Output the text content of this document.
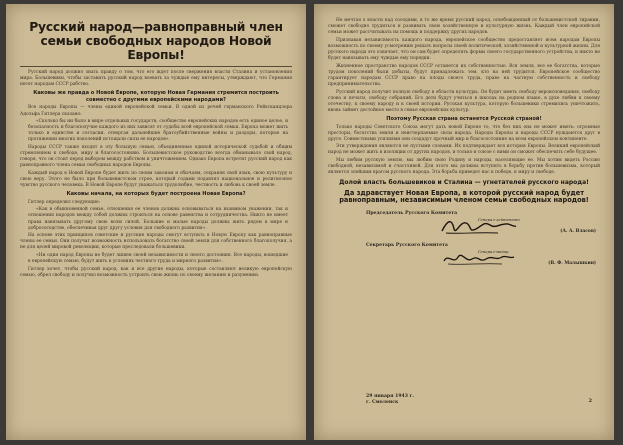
Русский народ—равноправный член семьи свободных народов Новой Европы!

Русский народ должно знать правду о том, что его ждет после свержения власти Сталина и установления мира. Большевики, чтобы заставить русский народ воевать за чуждые ему интересы, утверждают, что Германия несет народам СССР рабство.

Каковы же правда о Новой Европе, которую Новая Германия стремится построить совместно с другими европейскими народами?

Все народы Европы — члены единой европейской семьи. В одной из речей германского Рейхсканцлера Адольфа Гитлера сказано:

«Сколько бы ни было в мире отдельных государств, сообщество европейских народов есть единое целое, и безопасность и благополучие каждого из них зависят от судьбы всей европейской семьи. Европа может жить только в единстве и согласии, отвергая дальнейшие братоубийственные войны и раздоры, которые на протяжении многих поколений истощали силы ее народов».

Народы СССР также входят в эту большую семью, объединенные единой исторической судьбой и общим стремлением к свободе, миру и благосостоянию. Большевистское руководство всегда обманывало свой народ, говоря, что он стоит перед выбором между рабством и уничтожением. Однако Европа встретит русский народ как равноправного члена семьи свободных народов Европы.

Каждый народ в Новой Европе будет жить по своим законам и обычаям, сохраняя свой язык, свою культуру и свою веру. Этого не было при большевистском строе, который годами подавлял национальное и религиозное чувство русского человека. В Новой Европе будут уважаться трудолюбие, честность и любовь к своей земле.

Каковы начала, на которых будет построена Новая Европа?

Гитлер определил следующие:

«Как в обыкновенной семье, отношения ее членов должны основываться на взаимном уважении, так и отношения народов между собой должны строиться на основе равенства и сотрудничества. Никто не имеет права навязывать другому свою волю силой. Большие и малые народы должны жить рядом в мире и добрососедстве, обеспечивая друг другу условия для свободного развития».

На основе этих принципов советские и русские народы смогут вступить в Новую Европу как равноправные члены ее семьи. Они получат возможность использовать богатство своей земли для собственного благополучия, а не для целей мировой революции, которые преследовали большевики.

«Ни один народ Европы не будет лишен своей независимости и своего достояния. Все народы, вошедшие в европейскую семью, будут жить в условиях честного труда и мирного развития».

Гитлер хочет, чтобы русский народ, как и все другие народы, которые составляют великую европейскую семью, обрел свободу и получил возможность устроить свою жизнь по своему желанию и разумению.

Не мечтая о власти над соседями, в то же время русский народ, освобожденный от большевистской тирании, сможет свободно трудиться и развивать свою хозяйственную и культурную жизнь. Каждый член европейской семьи может рассчитывать на помощь и поддержку других народов.

Признавая независимость каждого народа, европейское сообщество предоставляет всем народам Европы возможность по своему усмотрению решать вопросы своей политической, хозяйственной и культурной жизни. Для русского народа это означает, что он сам будет определять формы своего государственного устройства, и никто не будет навязывать ему чуждые ему порядки.

Жизненное пространство народов СССР останется их собственностью. Вся земля, все ее богатства, которые трудом поколений были добыты, будут принадлежать тем, кто на ней трудится. Европейское сообщество гарантирует народам СССР право на плоды своего труда, право на частную собственность и свободу предпринимательства.

Русский народ получит полную свободу в области культуры. Он будет иметь свободу вероисповедания, свободу слова и печати, свободу собраний. Его дети будут учиться в школах на родном языке, в духе любви к своему отечеству, к своему народу и к своей истории. Русская культура, которую большевики стремились уничтожить, вновь займет достойное место в семье европейских культур.

Поэтому Русская страна останется Русской страной!

Только народы Советского Союза могут дать новой Европе то, что без них она не может иметь: огромные просторы, богатства земли и неисчерпаемые силы народа. Народы Европы и народы СССР нуждаются друг в друге. Совместными усилиями они создадут прочный мир и благосостояние на всем европейском континенте.

Эти утверждения являются не пустыми словами. Их подтверждает вся история Европы. Великий европейский народ не может жить в изоляции от других народов, и только в союзе с ними он сможет обеспечить себе будущее.

Мы любим русскую землю, мы любим свою Родину и народы, населяющие ее. Мы хотим видеть Россию свободной, независимой и счастливой. Для этого мы должны вступить в борьбу против большевизма, который является злейшим врагом русского народа. Эта борьба приведет нас к победе, к миру и свободе.

Долой власть большевиков и Сталина — угнетателей русского народа!
Да здравствует Новая Европа, в которой русский народ будет равноправным, независимым членом семьи свободных народов!
Председатель Русского Комитета
Генерал-лейтенант
(А. А. Власов)
Секретарь Русского Комитета
Генерал-майор
(В. Ф. Малышкин)
29 января 1943 г.
г. Смоленск	2
